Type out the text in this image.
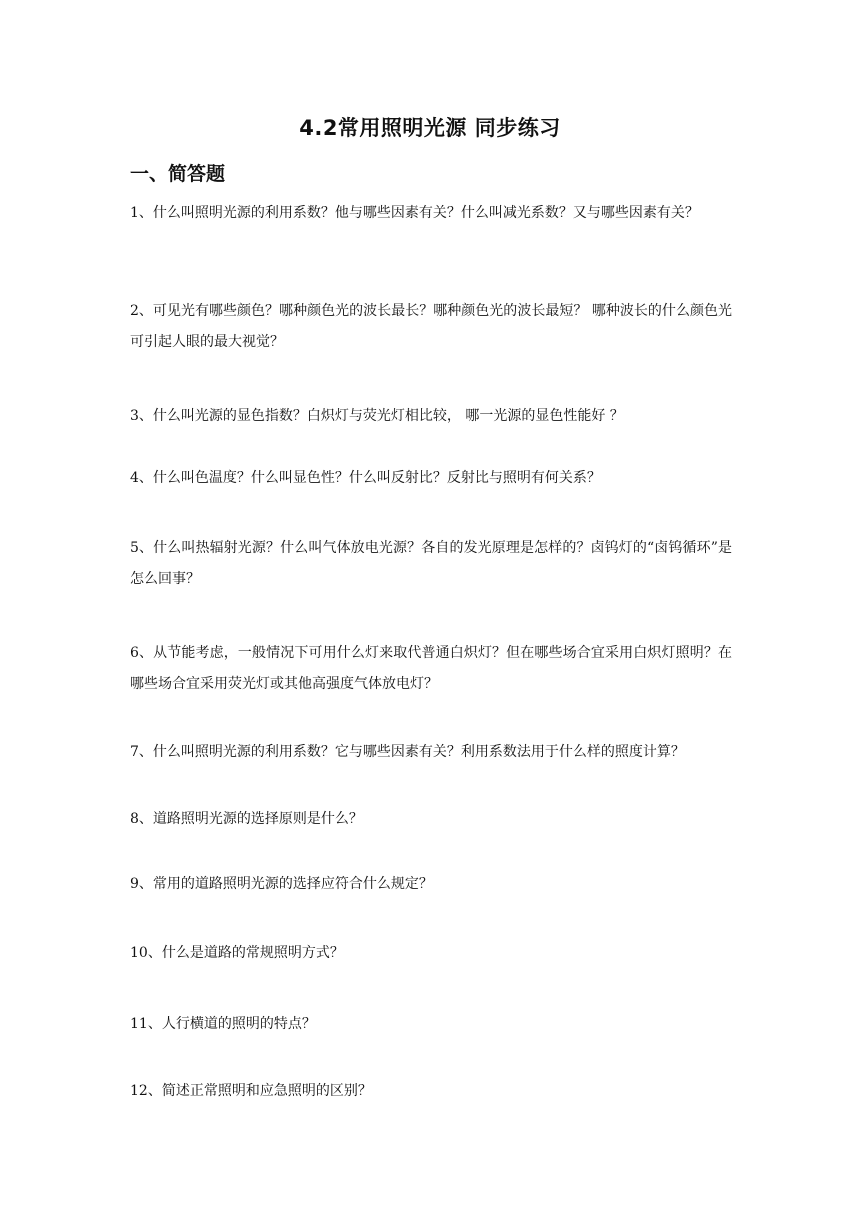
4.2常用照明光源 同步练习
一、简答题

1、什么叫照明光源的利用系数？他与哪些因素有关？什么叫减光系数？又与哪些因素有关？

2、可见光有哪些颜色？哪种颜色光的波长最长？哪种颜色光的波长最短？ 哪种波长的什么颜色光可引起人眼的最大视觉？

3、什么叫光源的显色指数？白炽灯与荧光灯相比较， 哪一光源的显色性能好 ？

4、什么叫色温度？什么叫显色性？什么叫反射比？反射比与照明有何关系？

5、什么叫热辐射光源？什么叫气体放电光源？各自的发光原理是怎样的？卤钨灯的“卤钨循环”是怎么回事？

6、从节能考虑，一般情况下可用什么灯来取代普通白炽灯？但在哪些场合宜采用白炽灯照明？在哪些场合宜采用荧光灯或其他高强度气体放电灯？

7、什么叫照明光源的利用系数？它与哪些因素有关？利用系数法用于什么样的照度计算？

8、道路照明光源的选择原则是什么？

9、常用的道路照明光源的选择应符合什么规定？

10、什么是道路的常规照明方式？

11、人行横道的照明的特点？

12、简述正常照明和应急照明的区别？
